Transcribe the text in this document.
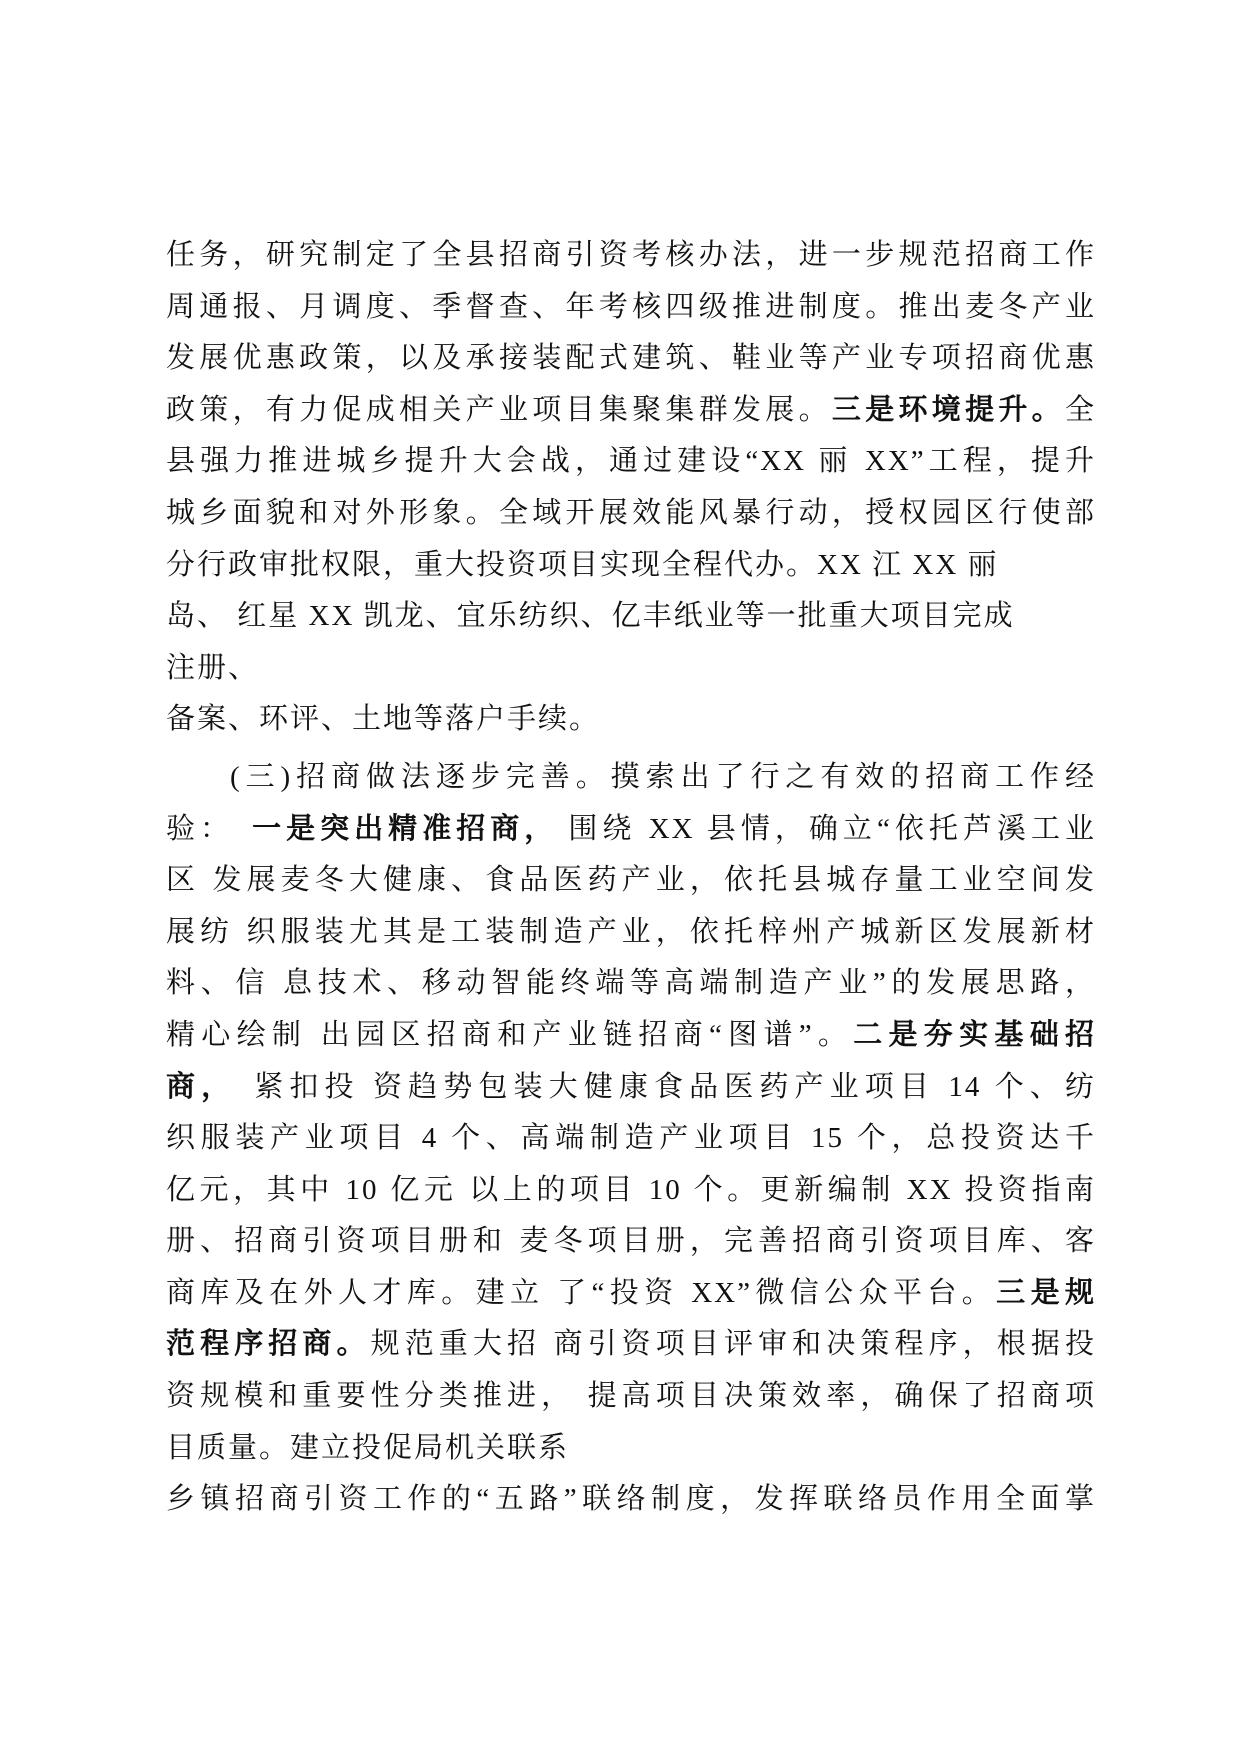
任务，研究制定了全县招商引资考核办法，进一步规范招商工作
周通报、月调度、季督查、年考核四级推进制度。推出麦冬产业
发展优惠政策，以及承接装配式建筑、鞋业等产业专项招商优惠
政策，有力促成相关产业项目集聚集群发展。三是环境提升。全
县强力推进城乡提升大会战，通过建设“XX 丽 XX”工程，提升
城乡面貌和对外形象。全域开展效能风暴行动，授权园区行使部
分行政审批权限，重大投资项目实现全程代办。XX 江 XX 丽
岛、 红星 XX 凯龙、宜乐纺织、亿丰纸业等一批重大项目完成
注册、
备案、环评、土地等落户手续。
(三)招商做法逐步完善。摸索出了行之有效的招商工作经
验： 一是突出精准招商， 围绕 XX 县情，确立“依托芦溪工业
区 发展麦冬大健康、食品医药产业，依托县城存量工业空间发
展纺 织服装尤其是工装制造产业，依托梓州产城新区发展新材
料、信 息技术、移动智能终端等高端制造产业”的发展思路，
精心绘制 出园区招商和产业链招商“图谱”。二是夯实基础招
商， 紧扣投 资趋势包装大健康食品医药产业项目 14 个、纺
织服装产业项目 4 个、高端制造产业项目 15 个，总投资达千
亿元，其中 10 亿元 以上的项目 10 个。更新编制 XX 投资指南
册、招商引资项目册和 麦冬项目册，完善招商引资项目库、客
商库及在外人才库。建立 了“投资 XX”微信公众平台。三是规
范程序招商。规范重大招 商引资项目评审和决策程序，根据投
资规模和重要性分类推进， 提高项目决策效率，确保了招商项
目质量。建立投促局机关联系
乡镇招商引资工作的“五路”联络制度，发挥联络员作用全面掌
